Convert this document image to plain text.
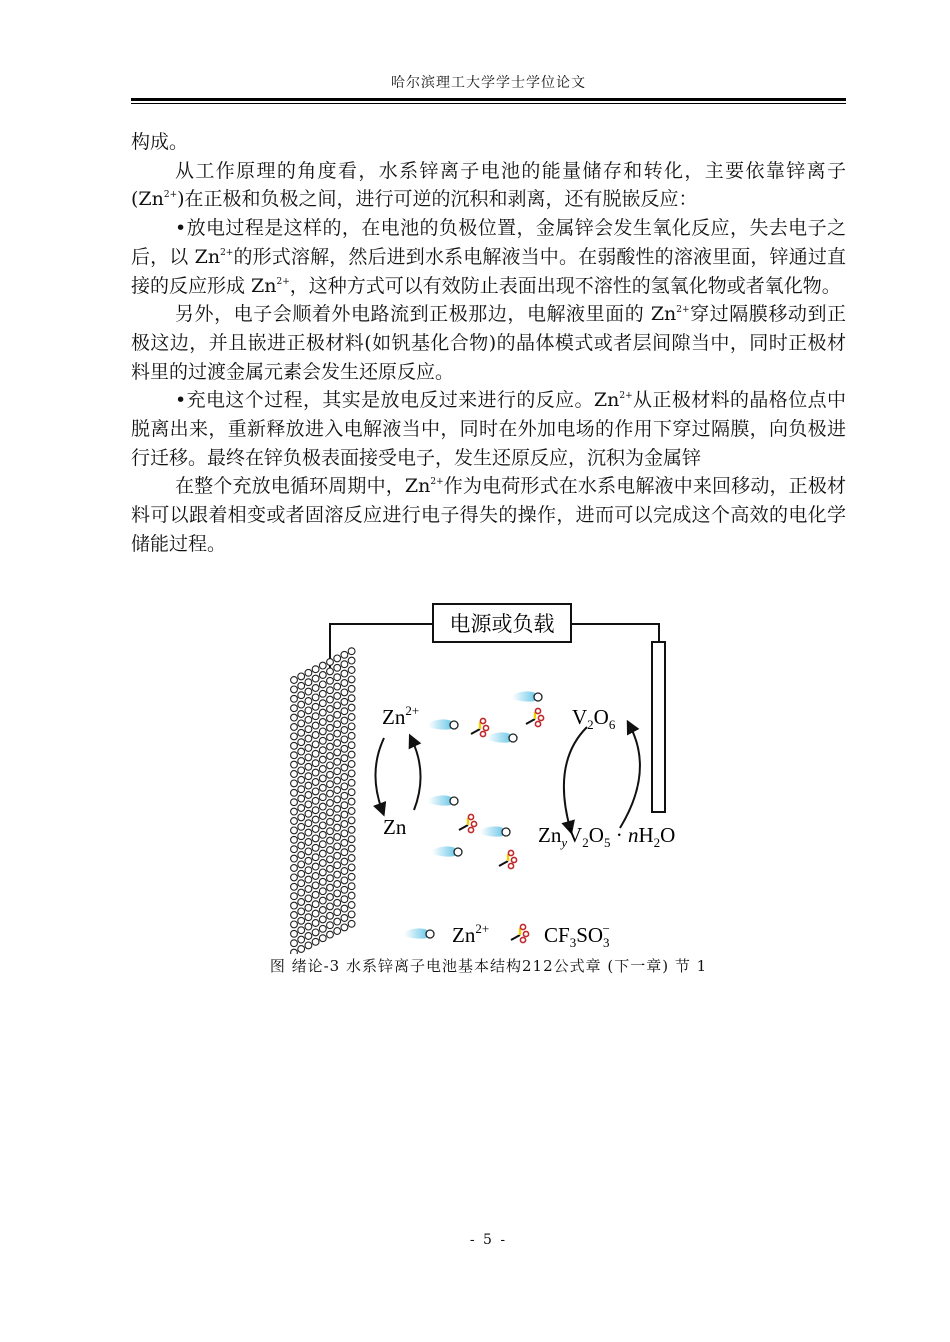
哈尔滨理工大学学士学位论文

构成。

从工作原理的角度看，水系锌离子电池的能量储存和转化，主要依靠锌离子$(Zn^{2+})$在正极和负极之间，进行可逆的沉积和剥离，还有脱嵌反应：

•放电过程是这样的，在电池的负极位置，金属锌会发生氧化反应，失去电子之后，以 $Zn^{2+}$的形式溶解，然后进到水系电解液当中。在弱酸性的溶液里面，锌通过直接的反应形成 $Zn^{2+}$，这种方式可以有效防止表面出现不溶性的氢氧化物或者氧化物。

另外，电子会顺着外电路流到正极那边，电解液里面的 $Zn^{2+}$穿过隔膜移动到正极这边，并且嵌进正极材料(如钒基化合物)的晶体模式或者层间隙当中，同时正极材料里的过渡金属元素会发生还原反应。

•充电这个过程，其实是放电反过来进行的反应。$Zn^{2+}$从正极材料的晶格位点中脱离出来，重新释放进入电解液当中，同时在外加电场的作用下穿过隔膜，向负极进行迁移。最终在锌负极表面接受电子，发生还原反应，沉积为金属锌

在整个充放电循环周期中，$Zn^{2+}$作为电荷形式在水系电解液中来回移动，正极材料可以跟着相变或者固溶反应进行电子得失的操作，进而可以完成这个高效的电化学储能过程。

电源或负载
$Zn^{2+}$
Zn
$V_2O_6$
$Zn_yV_2O_5 \cdot nH_2O$
$Zn^{2+}$	$CF_3SO_3-$
图 绪论-3 水系锌离子电池基本结构212公式章 (下一章) 节 1
- 5 -
